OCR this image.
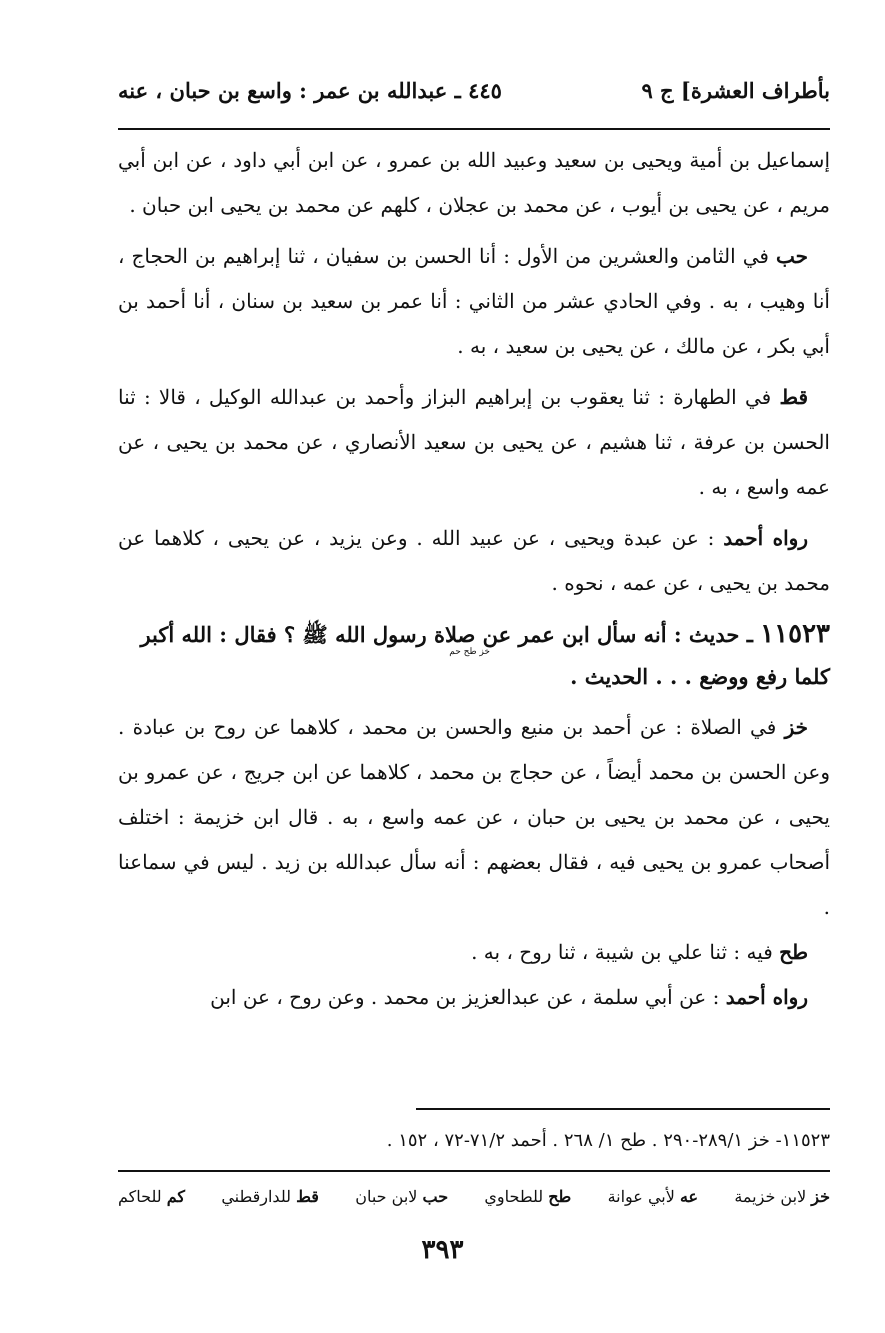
بأطراف العشرة] ج ٩
٤٤٥ ـ عبدالله بن عمر : واسع بن حبان ، عنه

إسماعيل بن أمية ويحيى بن سعيد وعبيد الله بن عمرو ، عن ابن أبي داود ، عن ابن أبي مريم ، عن يحيى بن أيوب ، عن محمد بن عجلان ، كلهم عن محمد بن يحيى ابن حبان .

حب في الثامن والعشرين من الأول : أنا الحسن بن سفيان ، ثنا إبراهيم بن الحجاج ، أنا وهيب ، به . وفي الحادي عشر من الثاني : أنا عمر بن سعيد بن سنان ، أنا أحمد بن أبي بكر ، عن مالك ، عن يحيى بن سعيد ، به .

قط في الطهارة : ثنا يعقوب بن إبراهيم البزاز وأحمد بن عبدالله الوكيل ، قالا : ثنا الحسن بن عرفة ، ثنا هشيم ، عن يحيى بن سعيد الأنصاري ، عن محمد بن يحيى ، عن عمه واسع ، به .

رواه أحمد : عن عبدة ويحيى ، عن عبيد الله . وعن يزيد ، عن يحيى ، كلاهما عن محمد بن يحيى ، عن عمه ، نحوه .

١١٥٢٣ ـ حديث : أنه سأل ابن عمر عن صلاة رسول الله ﷺ ؟ فقال : الله أكبر
خز طح حم
كلما رفع ووضع . . . الحديث .

خز في الصلاة : عن أحمد بن منيع والحسن بن محمد ، كلاهما عن روح بن عبادة . وعن الحسن بن محمد أيضاً ، عن حجاج بن محمد ، كلاهما عن ابن جريج ، عن عمرو بن يحيى ، عن محمد بن يحيى بن حبان ، عن عمه واسع ، به . قال ابن خزيمة : اختلف أصحاب عمرو بن يحيى فيه ، فقال بعضهم : أنه سأل عبدالله بن زيد . ليس في سماعنا .

طح فيه : ثنا علي بن شيبة ، ثنا روح ، به .

رواه أحمد : عن أبي سلمة ، عن عبدالعزيز بن محمد . وعن روح ، عن ابن

١١٥٢٣- خز ٢٨٩/١-٢٩٠ . طح ١/ ٢٦٨ . أحمد ٧١/٢-٧٢ ، ١٥٢ .
خز لابن خزيمة
عه لأبي عوانة
طح للطحاوي
حب لابن حبان
قط للدارقطني
كم للحاكم
٣٩٣
